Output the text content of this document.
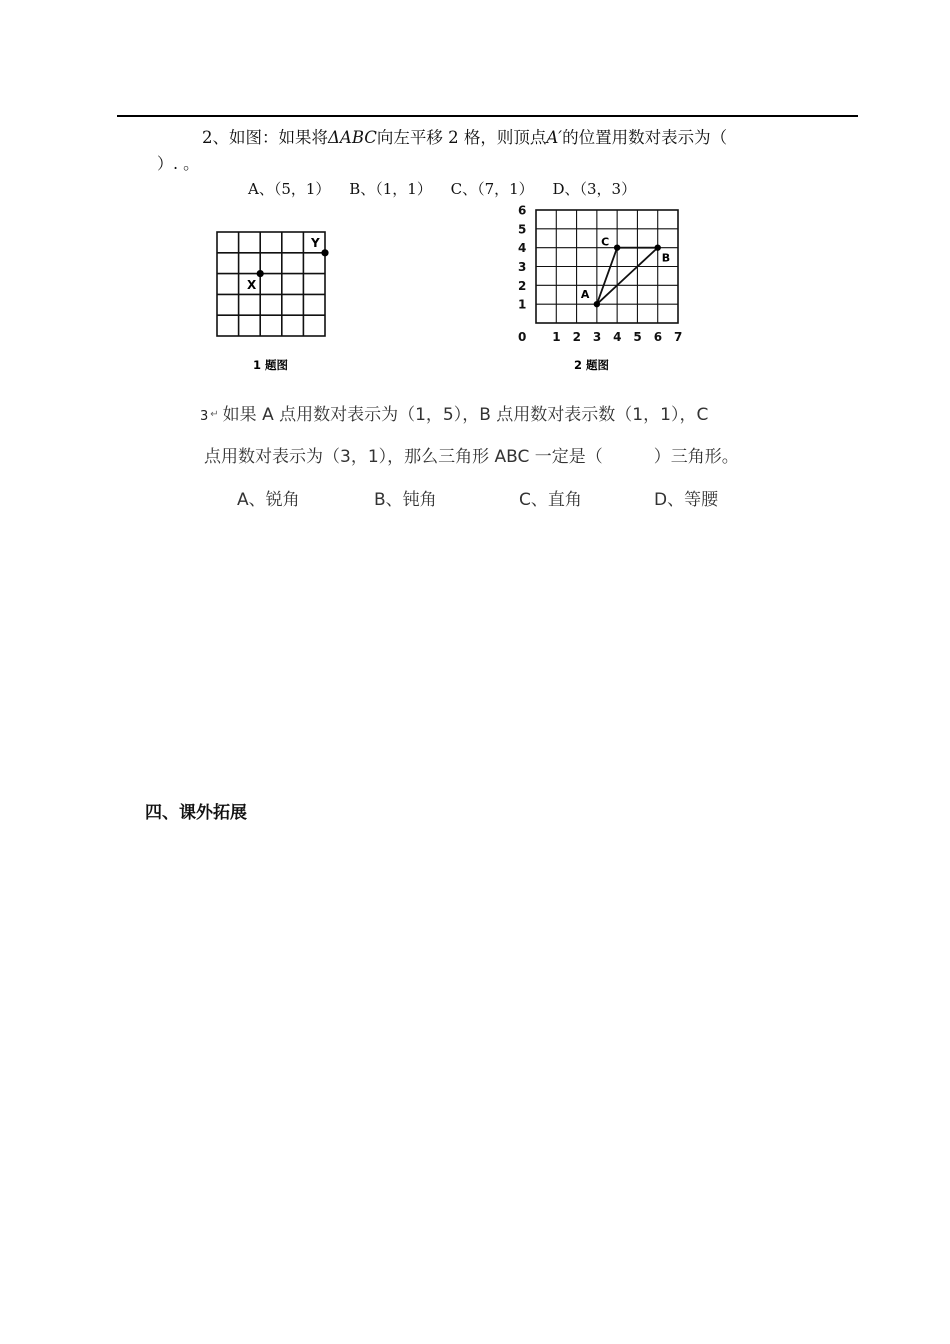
2、如图：如果将ΔABC向左平移 2 格，则顶点A′的位置用数对表示为（
）. 。
A、（5，1） B、（1，1） C、（7，1） D、（3，3）
X
Y
1 题图
6
5
4
3
2
1
0 1 2 3 4 5 6 7
A
B
C
2 题图
3 ↵ 如果 A 点用数对表示为（1，5），B 点用数对表示数（1，1），C
点用数对表示为（3，1），那么三角形 ABC 一定是（　　　）三角形。
A、锐角	B、钝角	C、直角	D、等腰
四、课外拓展
